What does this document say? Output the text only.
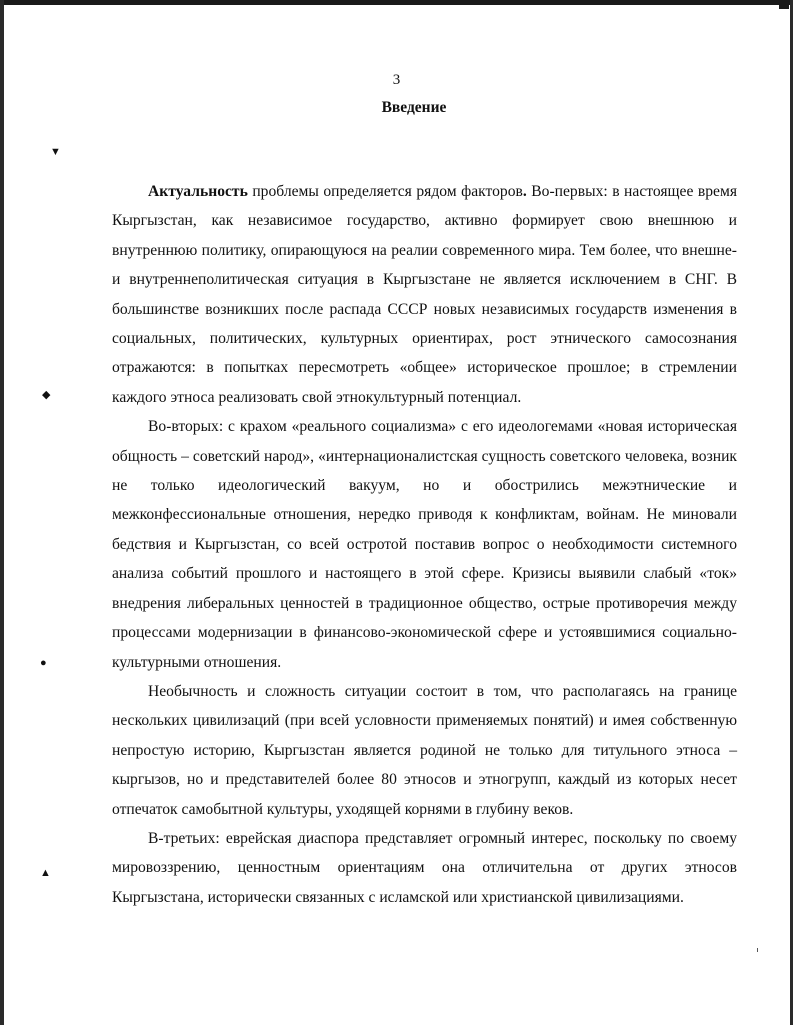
▼
◆
●
▲
3
Введение

Актуальность проблемы определяется рядом факторов. Во-первых: в настоящее время Кыргызстан, как независимое государство, активно формирует свою внешнюю и внутреннюю политику, опирающуюся на реалии современного мира. Тем более, что внешне- и внутреннеполитическая ситуация в Кыргызстане не является исключением в СНГ. В большинстве возникших после распада СССР новых независимых государств изменения в социальных, политических, культурных ориентирах, рост этнического самосознания отражаются: в попытках пересмотреть «общее» историческое прошлое; в стремлении каждого этноса реализовать свой этнокультурный потенциал.

Во-вторых: с крахом «реального социализма» с его идеологемами «новая историческая общность – советский народ», «интернационалистская сущность советского человека, возник не только идеологический вакуум, но и обострились межэтнические и межконфессиональные отношения, нередко приводя к конфликтам, войнам. Не миновали бедствия и Кыргызстан, со всей остротой поставив вопрос о необходимости системного анализа событий прошлого и настоящего в этой сфере. Кризисы выявили слабый «ток» внедрения либеральных ценностей в традиционное общество, острые противоречия между процессами модернизации в финансово-экономической сфере и устоявшимися социально-культурными отношения.

Необычность и сложность ситуации состоит в том, что располагаясь на границе нескольких цивилизаций (при всей условности применяемых понятий) и имея собственную непростую историю, Кыргызстан является родиной не только для титульного этноса – кыргызов, но и представителей более 80 этносов и этногрупп, каждый из которых несет отпечаток самобытной культуры, уходящей корнями в глубину веков.

В-третьих: еврейская диаспора представляет огромный интерес, поскольку по своему мировоззрению, ценностным ориентациям она отличительна от других этносов Кыргызстана, исторически связанных с исламской или христианской цивилизациями.
